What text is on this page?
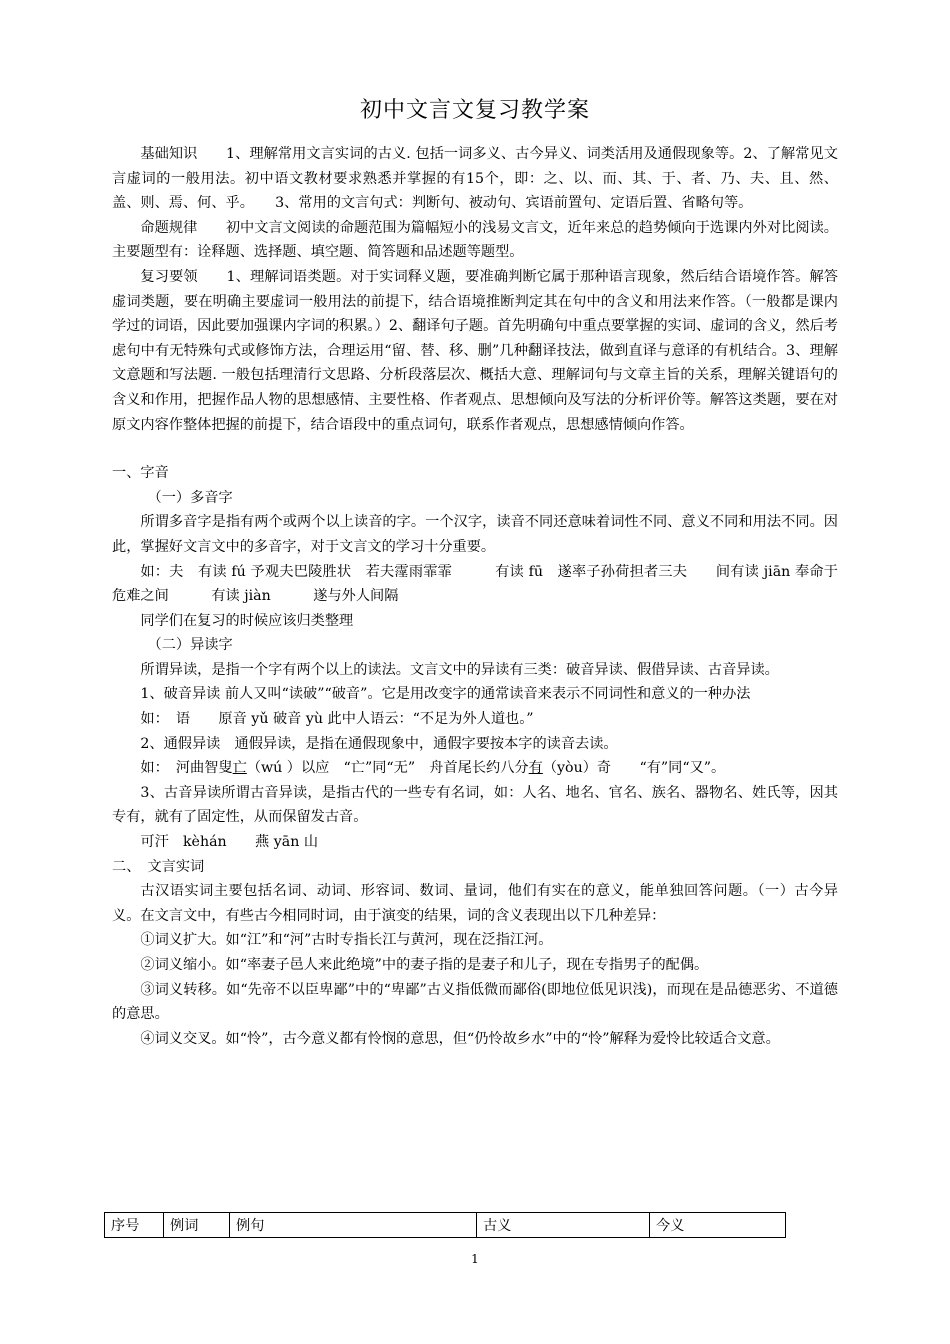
初中文言文复习教学案

基础知识　　1、理解常用文言实词的古义. 包括一词多义、古今异义、词类活用及通假现象等。2、了解常见文言虚词的一般用法。初中语文教材要求熟悉并掌握的有15个，即：之、以、而、其、于、者、乃、夫、且、然、盖、则、焉、何、乎。　　3、常用的文言句式：判断句、被动句、宾语前置句、定语后置、省略句等。

命题规律　　初中文言文阅读的命题范围为篇幅短小的浅易文言文，近年来总的趋势倾向于选课内外对比阅读。主要题型有：诠释题、选择题、填空题、简答题和品述题等题型。

复习要领　　1、理解词语类题。对于实词释义题，要准确判断它属于那种语言现象，然后结合语境作答。解答虚词类题，要在明确主要虚词一般用法的前提下，结合语境推断判定其在句中的含义和用法来作答。（一般都是课内学过的词语，因此要加强课内字词的积累。）2、翻译句子题。首先明确句中重点要掌握的实词、虚词的含义，然后考虑句中有无特殊句式或修饰方法，合理运用“留、替、移、删”几种翻译技法，做到直译与意译的有机结合。3、理解文意题和写法题. 一般包括理清行文思路、分析段落层次、概括大意、理解词句与文章主旨的关系，理解关键语句的含义和作用，把握作品人物的思想感情、主要性格、作者观点、思想倾向及写法的分析评价等。解答这类题，要在对原文内容作整体把握的前提下，结合语段中的重点词句，联系作者观点，思想感情倾向作答。

一、字音

（一）多音字

所谓多音字是指有两个或两个以上读音的字。一个汉字，读音不同还意味着词性不同、意义不同和用法不同。因此，掌握好文言文中的多音字，对于文言文的学习十分重要。

如：夫　有读 fú 予观夫巴陵胜状　若夫霪雨霏霏　　　有读 fū　遂率子孙荷担者三夫　　间有读 jiān 奉命于危难之间　　　有读 jiàn　　　遂与外人间隔

同学们在复习的时候应该归类整理

（二）异读字

所谓异读，是指一个字有两个以上的读法。文言文中的异读有三类：破音异读、假借异读、古音异读。

1、破音异读 前人又叫“读破”“破音”。它是用改变字的通常读音来表示不同词性和意义的一种办法

如：　语　　原音 yǔ 破音 yù 此中人语云：“不足为外人道也。”

2、通假异读　通假异读，是指在通假现象中，通假字要按本字的读音去读。

如：　河曲智叟亡（wú ）以应　“亡”同“无”　舟首尾长约八分有（yòu）奇　　“有”同“又”。

3、古音异读所谓古音异读，是指古代的一些专有名词，如：人名、地名、官名、族名、器物名、姓氏等，因其专有，就有了固定性，从而保留发古音。

可汗　kèhán　　燕 yān 山

二、　文言实词

古汉语实词主要包括名词、动词、形容词、数词、量词，他们有实在的意义，能单独回答问题。（一）古今异义。在文言文中，有些古今相同时词，由于演变的结果，词的含义表现出以下几种差异：

①词义扩大。如“江”和“河”古时专指长江与黄河，现在泛指江河。

②词义缩小。如“率妻子邑人来此绝境”中的妻子指的是妻子和儿子，现在专指男子的配偶。

③词义转移。如“先帝不以臣卑鄙”中的“卑鄙”古义指低微而鄙俗(即地位低见识浅)，而现在是品德恶劣、不道德的意思。

④词义交叉。如“怜”，古今意义都有怜悯的意思，但“仍怜故乡水”中的“怜”解释为爱怜比较适合文意。

序号	例词	例句	古义	今义
1
